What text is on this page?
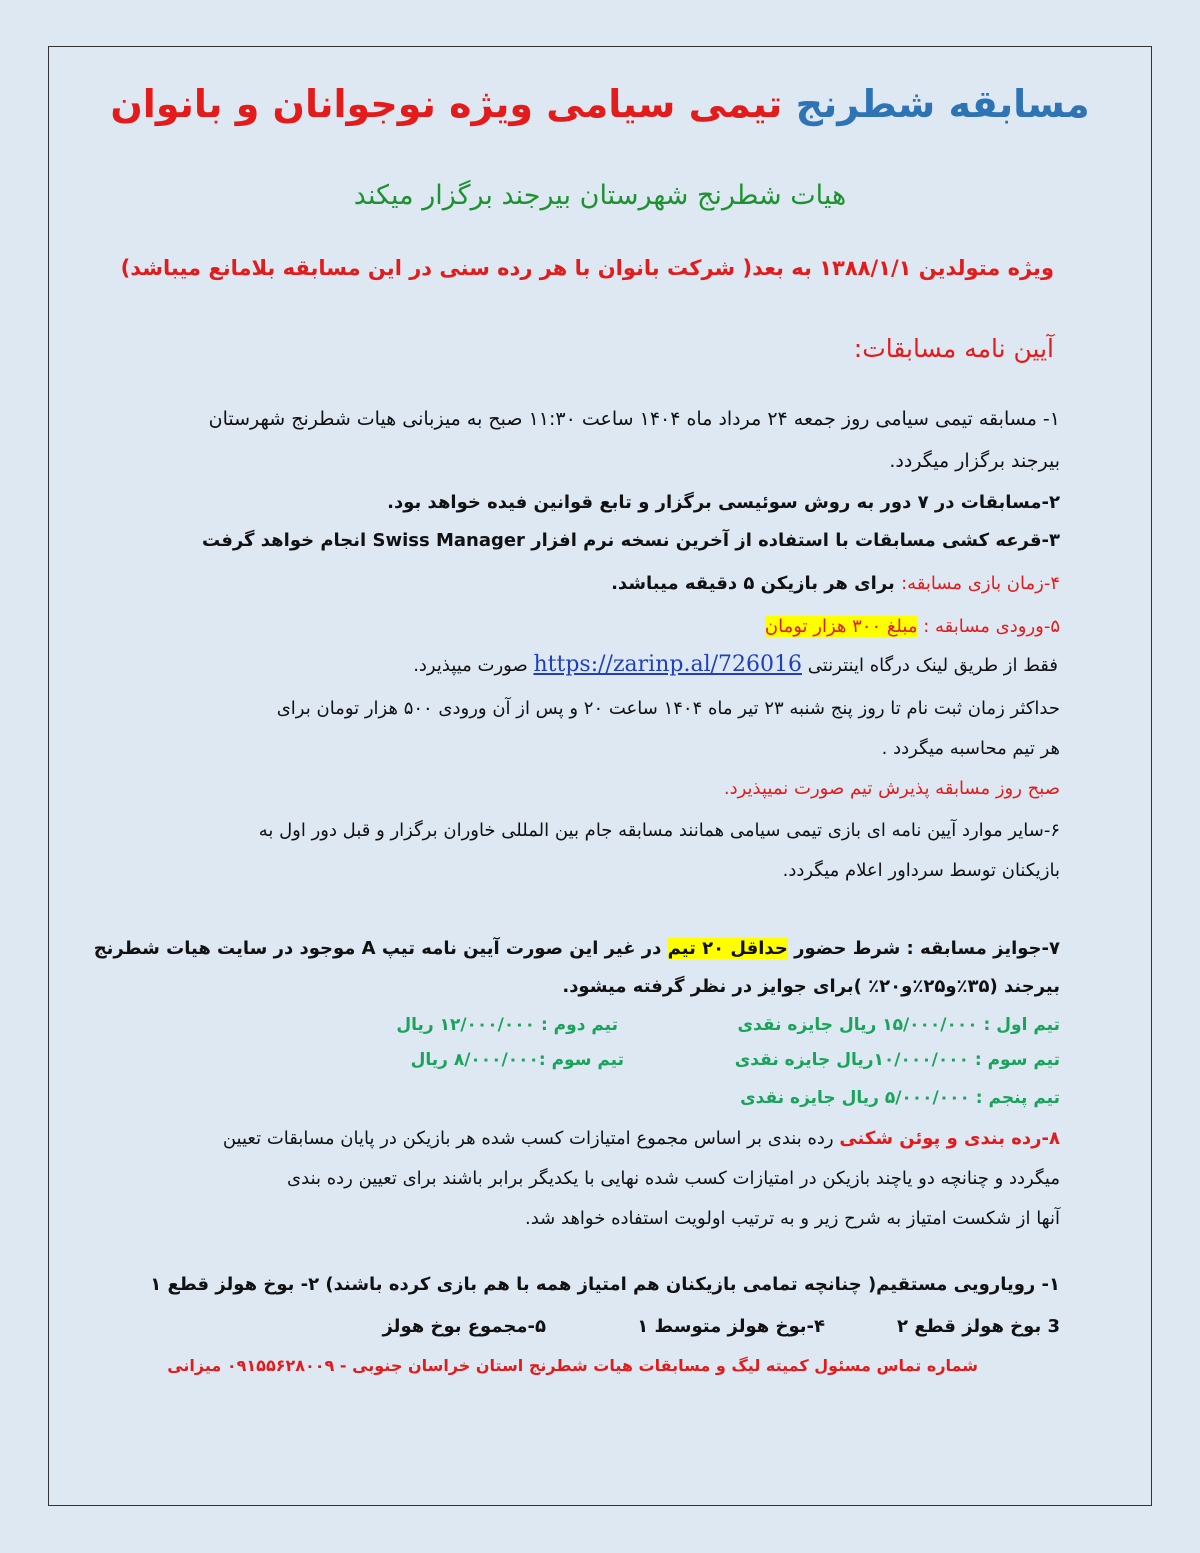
مسابقه شطرنج تیمی سیامی ویژه نوجوانان و بانوان
هیات شطرنج شهرستان بیرجند برگزار میکند
ویژه متولدین ۱۳۸۸/۱/۱ به بعد( شرکت بانوان با هر رده سنی در این مسابقه بلامانع میباشد)
آیین نامه مسابقات:
۱- مسابقه تیمی سیامی روز جمعه ۲۴ مرداد ماه ۱۴۰۴ ساعت ۱۱:۳۰ صبح به میزبانی هیات شطرنج شهرستان
بیرجند برگزار میگردد.
۲-مسابقات در ۷ دور به روش سوئیسی برگزار و تابع قوانین فیده خواهد بود.
۳-قرعه کشی مسابقات با استفاده از آخرین نسخه نرم افزار Swiss Manager انجام خواهد گرفت
۴-زمان بازی مسابقه: برای هر بازیکن ۵ دقیقه میباشد.
۵-ورودی مسابقه : مبلغ ۳۰۰ هزار تومان
فقط از طریق لینک درگاه اینترنتی https://zarinp.al/726016 صورت میپذیرد.
حداکثر زمان ثبت نام تا روز پنج شنبه ۲۳ تیر ماه ۱۴۰۴ ساعت ۲۰ و پس از آن ورودی ۵۰۰ هزار تومان برای
هر تیم محاسبه میگردد .
صبح روز مسابقه پذیرش تیم صورت نمیپذیرد.
۶-سایر موارد آیین نامه ای بازی تیمی سیامی همانند مسابقه جام بین المللی خاوران برگزار و قبل دور اول به
بازیکنان توسط سرداور اعلام میگردد.
۷-جوایز مسابقه : شرط حضور حداقل ۲۰ تیم در غیر این صورت آیین نامه تیپ A موجود در سایت هیات شطرنج
بیرجند (۳۵٪و۲۵٪و۲۰٪ )برای جوایز در نظر گرفته میشود.
تیم اول : ۱۵/۰۰۰/۰۰۰ ریال جایزه نقدی
تیم دوم : ۱۲/۰۰۰/۰۰۰ ریال
تیم سوم : ۱۰/۰۰۰/۰۰۰ریال جایزه نقدی
تیم سوم :۸/۰۰۰/۰۰۰ ریال
تیم پنجم : ۵/۰۰۰/۰۰۰ ریال جایزه نقدی
۸-رده بندی و پوئن شکنی رده بندی بر اساس مجموع امتیازات کسب شده هر بازیکن در پایان مسابقات تعیین
میگردد و چنانچه دو یاچند بازیکن در امتیازات کسب شده نهایی با یکدیگر برابر باشند برای تعیین رده بندی
آنها از شکست امتیاز به شرح زیر و به ترتیب اولویت استفاده خواهد شد.
۱- رویارویی مستقیم( چنانچه تمامی بازیکنان هم امتیاز همه با هم بازی کرده باشند) ۲- بوخ هولز قطع ۱
3 بوخ هولز قطع ۲
۴-بوخ هولز متوسط ۱
۵-مجموع بوخ هولز
شماره تماس مسئول کمیته لیگ و مسابقات هیات شطرنج استان خراسان جنوبی - ۰۹۱۵۵۶۲۸۰۰۹ میزانی
